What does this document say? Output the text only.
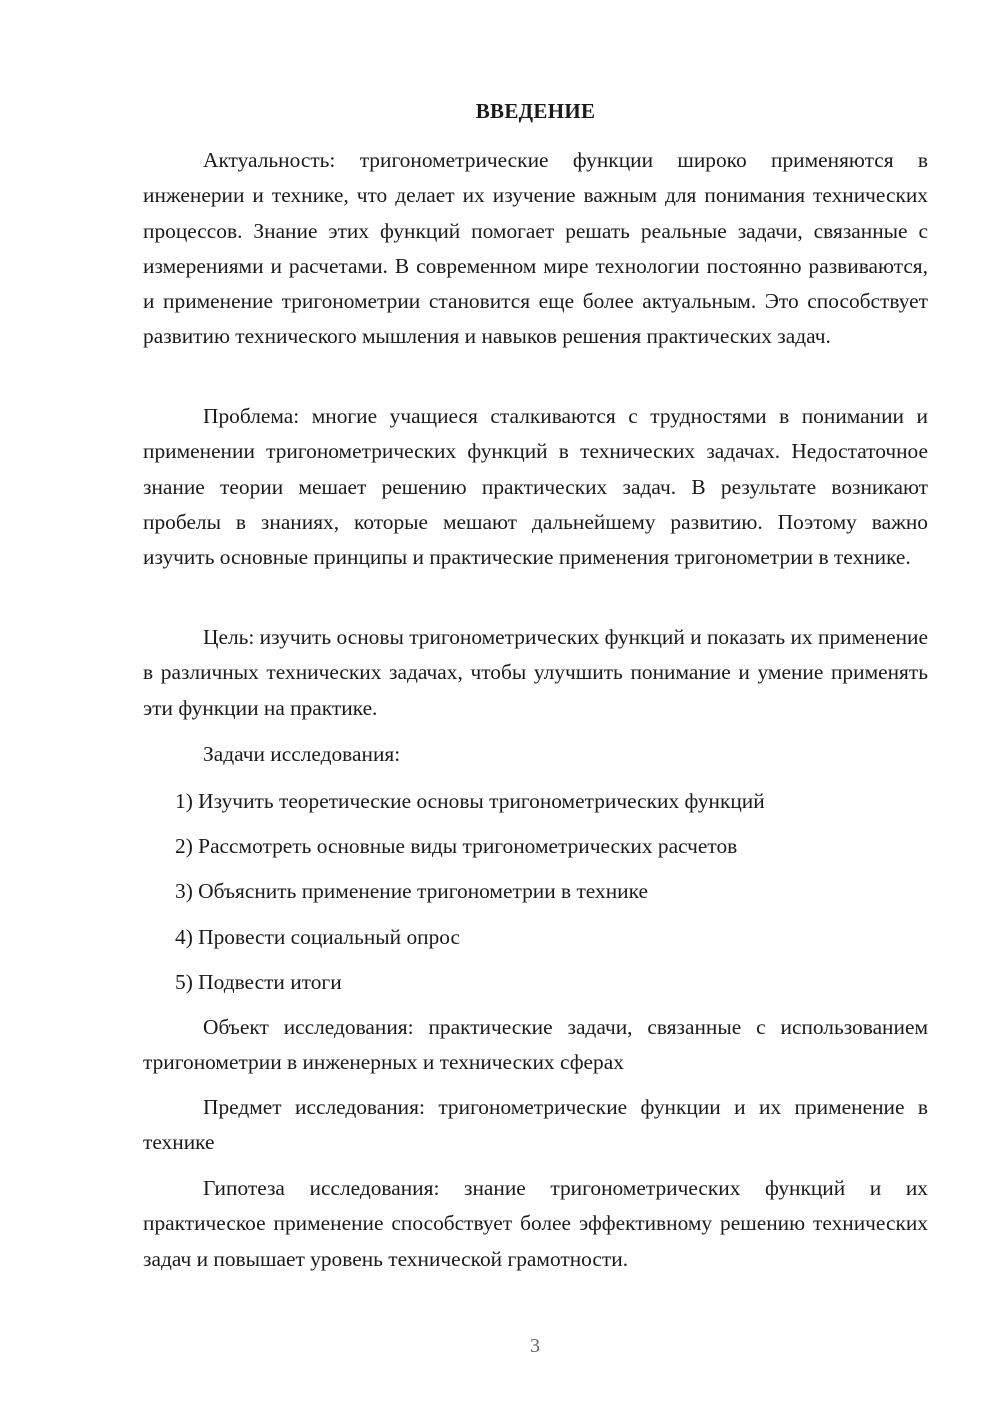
ВВЕДЕНИЕ

Актуальность: тригонометрические функции широко применяются в инженерии и технике, что делает их изучение важным для понимания технических процессов. Знание этих функций помогает решать реальные задачи, связанные с измерениями и расчетами. В современном мире технологии постоянно развиваются, и применение тригонометрии становится еще более актуальным. Это способствует развитию технического мышления и навыков решения практических задач.

Проблема: многие учащиеся сталкиваются с трудностями в понимании и применении тригонометрических функций в технических задачах. Недостаточное знание теории мешает решению практических задач. В результате возникают пробелы в знаниях, которые мешают дальнейшему развитию. Поэтому важно изучить основные принципы и практические применения тригонометрии в технике.

Цель: изучить основы тригонометрических функций и показать их применение в различных технических задачах, чтобы улучшить понимание и умение применять эти функции на практике.

Задачи исследования:

1) Изучить теоретические основы тригонометрических функций
2) Рассмотреть основные виды тригонометрических расчетов
3) Объяснить применение тригонометрии в технике
4) Провести социальный опрос
5) Подвести итоги

Объект исследования: практические задачи, связанные с использованием тригонометрии в инженерных и технических сферах

Предмет исследования: тригонометрические функции и их применение в технике

Гипотеза исследования: знание тригонометрических функций и их практическое применение способствует более эффективному решению технических задач и повышает уровень технической грамотности.

3
